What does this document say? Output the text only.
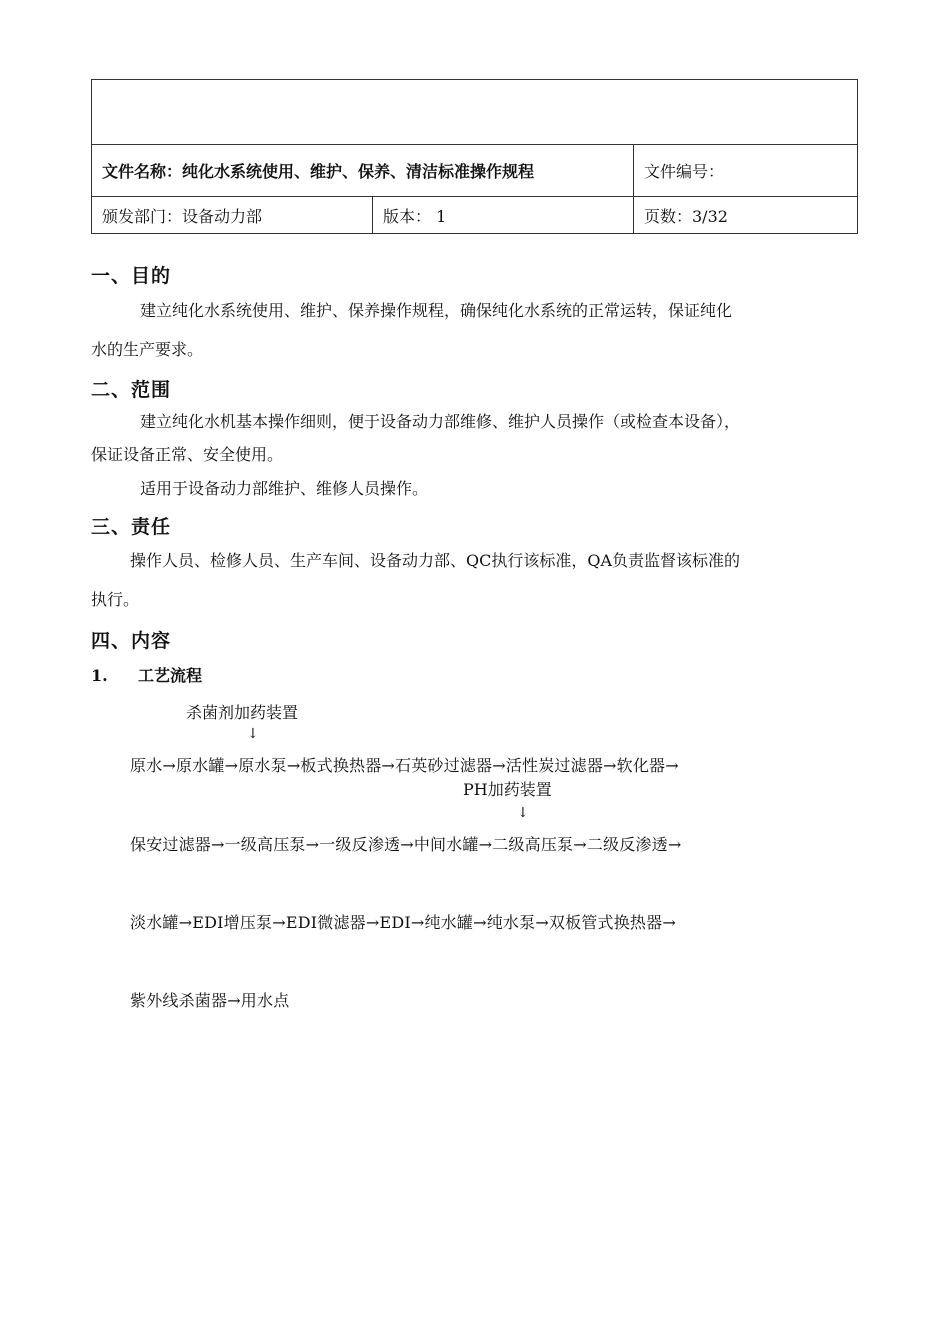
文件名称：纯化水系统使用、维护、保养、清洁标准操作规程		文件编号：
颁发部门：设备动力部	版本： 1	页数：3/32
一、目的
建立纯化水系统使用、维护、保养操作规程，确保纯化水系统的正常运转，保证纯化
水的生产要求。
二、范围
建立纯化水机基本操作细则，便于设备动力部维修、维护人员操作（或检查本设备），
保证设备正常、安全使用。
适用于设备动力部维护、维修人员操作。
三、责任
操作人员、检修人员、生产车间、设备动力部、QC执行该标准，QA负责监督该标准的
执行。
四、内容
1. 工艺流程
杀菌剂加药装置
↓
原水→原水罐→原水泵→板式换热器→石英砂过滤器→活性炭过滤器→软化器→
PH加药装置
↓
保安过滤器→一级高压泵→一级反渗透→中间水罐→二级高压泵→二级反渗透→
淡水罐→EDI增压泵→EDI微滤器→EDI→纯水罐→纯水泵→双板管式换热器→
紫外线杀菌器→用水点
